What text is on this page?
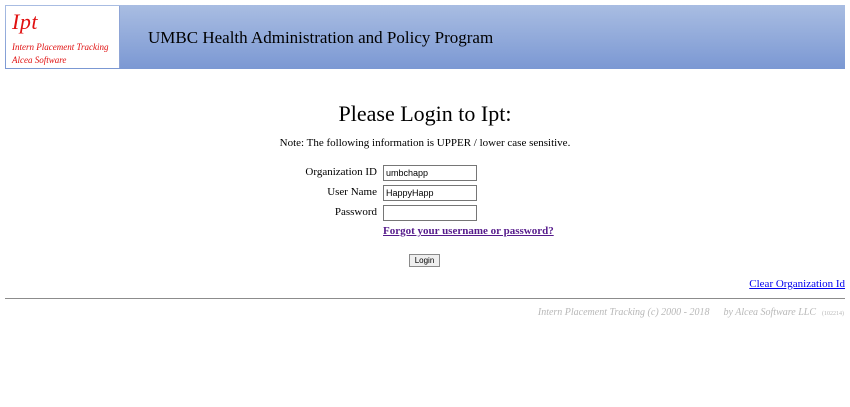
Ipt
Intern Placement Tracking
Alcea Software
UMBC Health Administration and Policy Program
Please Login to Ipt:
Note: The following information is UPPER / lower case sensitive.
Organization ID
umbchapp
User Name
HappyHapp
Password
Forgot your username or password?
Login
Clear Organization Id
Intern Placement Tracking (c) 2000 - 2018 by Alcea Software LLC (102214)
